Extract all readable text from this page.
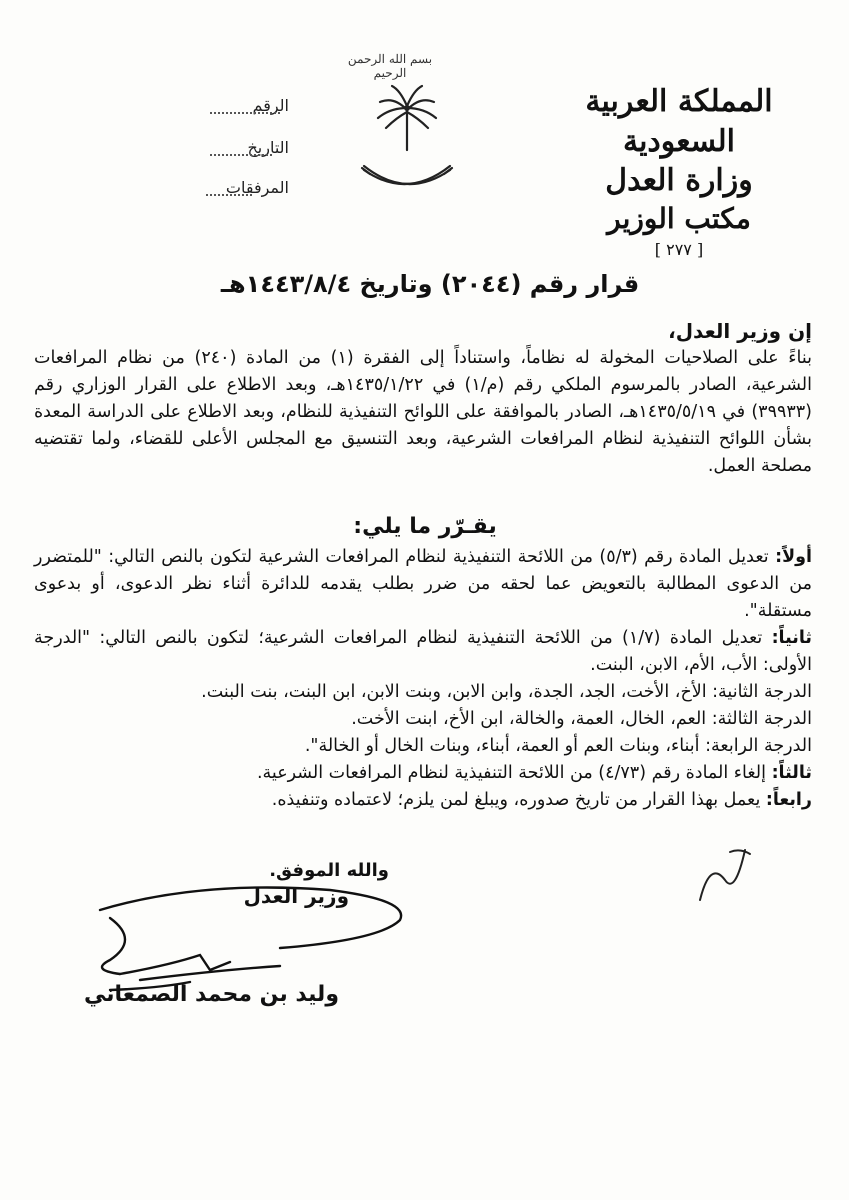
بسم الله الرحمن الرحيم
المملكة العربية السعودية
وزارة العدل
مكتب الوزير
[ ٢٧٧ ]
الرقم
التاريخ
المرفقات
قرار رقم (٢٠٤٤) وتاريخ ١٤٤٣/٨/٤هـ

إن وزير العدل،

بناءً على الصلاحيات المخولة له نظاماً، واستناداً إلى الفقرة (١) من المادة (٢٤٠) من نظام المرافعات الشرعية، الصادر بالمرسوم الملكي رقم (م/١) في ١٤٣٥/١/٢٢هـ، وبعد الاطلاع على القرار الوزاري رقم (٣٩٩٣٣) في ١٤٣٥/٥/١٩هـ، الصادر بالموافقة على اللوائح التنفيذية للنظام، وبعد الاطلاع على الدراسة المعدة بشأن اللوائح التنفيذية لنظام المرافعات الشرعية، وبعد التنسيق مع المجلس الأعلى للقضاء، ولما تقتضيه مصلحة العمل.

يقـرّر ما يلي:

أولاً: تعديل المادة رقم (٥/٣) من اللائحة التنفيذية لنظام المرافعات الشرعية لتكون بالنص التالي: "للمتضرر من الدعوى المطالبة بالتعويض عما لحقه من ضرر بطلب يقدمه للدائرة أثناء نظر الدعوى، أو بدعوى مستقلة".

ثانياً: تعديل المادة (١/٧) من اللائحة التنفيذية لنظام المرافعات الشرعية؛ لتكون بالنص التالي: "الدرجة الأولى: الأب، الأم، الابن، البنت.

الدرجة الثانية: الأخ، الأخت، الجد، الجدة، وابن الابن، وبنت الابن، ابن البنت، بنت البنت.

الدرجة الثالثة: العم، الخال، العمة، والخالة، ابن الأخ، ابنت الأخت.

الدرجة الرابعة: أبناء، وبنات العم أو العمة، أبناء، وبنات الخال أو الخالة".

ثالثاً: إلغاء المادة رقم (٤/٧٣) من اللائحة التنفيذية لنظام المرافعات الشرعية.

رابعاً: يعمل بهذا القرار من تاريخ صدوره، ويبلغ لمن يلزم؛ لاعتماده وتنفيذه.

والله الموفق.
وزير العدل
وليد بن محمد الصمعاني
